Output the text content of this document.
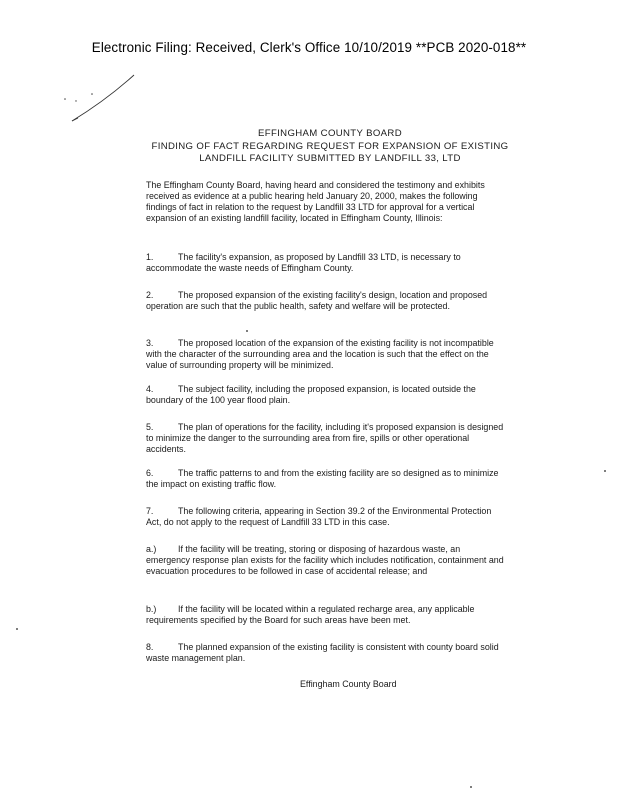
Electronic Filing: Received, Clerk's Office 10/10/2019 **PCB 2020-018**
EFFINGHAM COUNTY BOARD
FINDING OF FACT REGARDING REQUEST FOR EXPANSION OF EXISTING
LANDFILL FACILITY SUBMITTED BY LANDFILL 33, LTD
The Effingham County Board, having heard and considered the testimony and exhibits received as evidence at a public hearing held January 20, 2000, makes the following findings of fact in relation to the request by Landfill 33 LTD for approval for a vertical expansion of an existing landfill facility, located in Effingham County, Illinois:
1.	The facility's expansion, as proposed by Landfill 33 LTD, is necessary to accommodate the waste needs of Effingham County.
2.	The proposed expansion of the existing facility's design, location and proposed operation are such that the public health, safety and welfare will be protected.
3.	The proposed location of the expansion of the existing facility is not incompatible with the character of the surrounding area and the location is such that the effect on the value of surrounding property will be minimized.
4.	The subject facility, including the proposed expansion, is located outside the boundary of the 100 year flood plain.
5.	The plan of operations for the facility, including it's proposed expansion is designed to minimize the danger to the surrounding area from fire, spills or other operational accidents.
6.	The traffic patterns to and from the existing facility are so designed as to minimize the impact on existing traffic flow.
7.	The following criteria, appearing in Section 39.2 of the Environmental Protection Act, do not apply to the request of Landfill 33 LTD in this case.
a.) If the facility will be treating, storing or disposing of hazardous waste, an emergency response plan exists for the facility which includes notification, containment and evacuation procedures to be followed in case of accidental release; and
b.) If the facility will be located within a regulated recharge area, any applicable requirements specified by the Board for such areas have been met.
8.	The planned expansion of the existing facility is consistent with county board solid waste management plan.
Effingham County Board
